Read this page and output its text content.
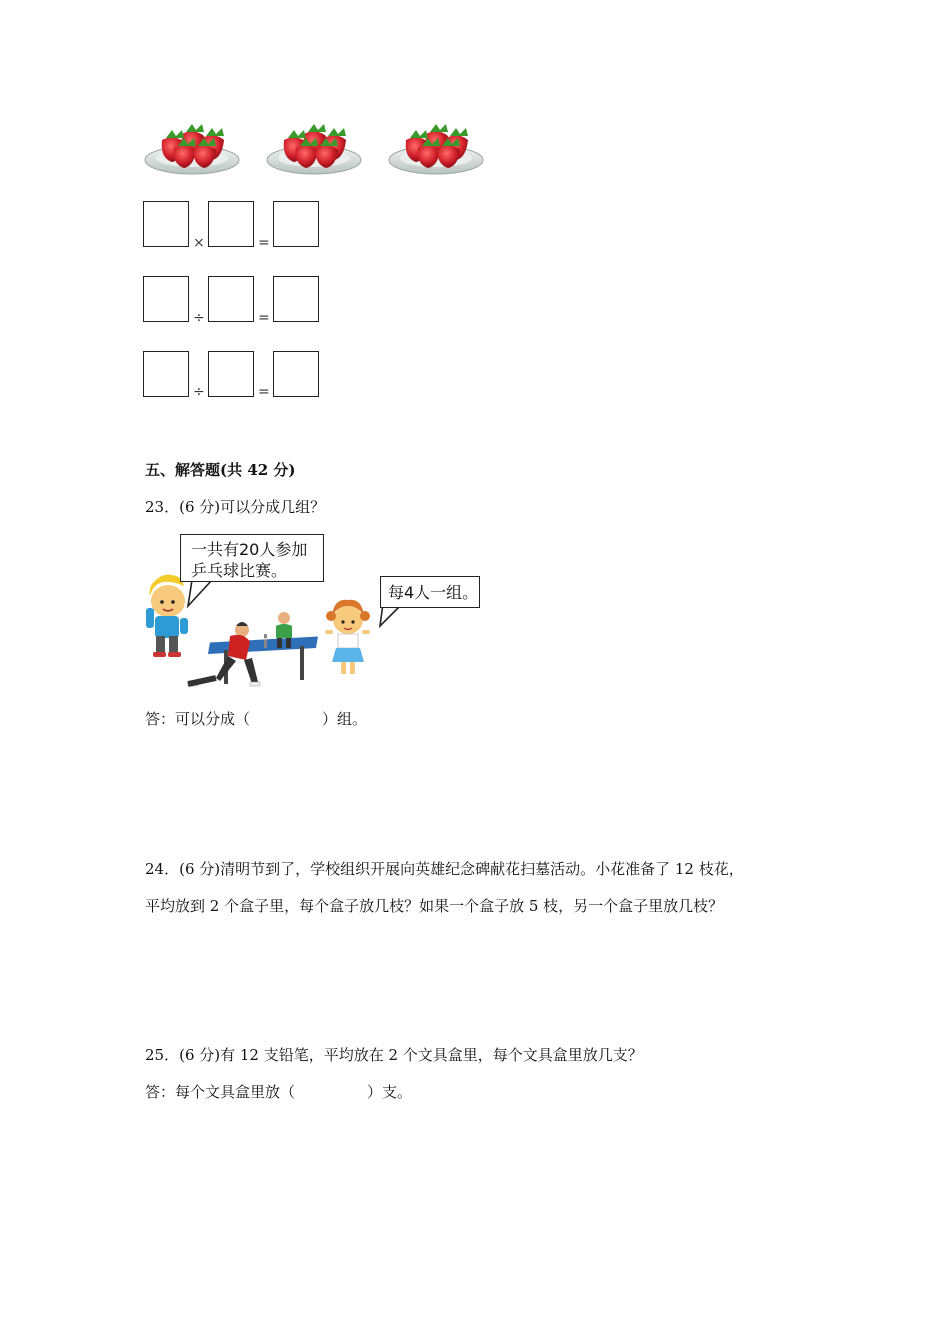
×	=
÷	=
÷	=
五、解答题(共 42 分)
23．(6 分)可以分成几组？
一共有20人参加
乒乓球比赛。
每4人一组。
答：可以分成（	）组。
24．(6 分)清明节到了，学校组织开展向英雄纪念碑献花扫墓活动。小花准备了 12 枝花，
平均放到 2 个盒子里，每个盒子放几枝？如果一个盒子放 5 枝，另一个盒子里放几枝？
25．(6 分)有 12 支铅笔，平均放在 2 个文具盒里，每个文具盒里放几支？
答：每个文具盒里放（	）支。
